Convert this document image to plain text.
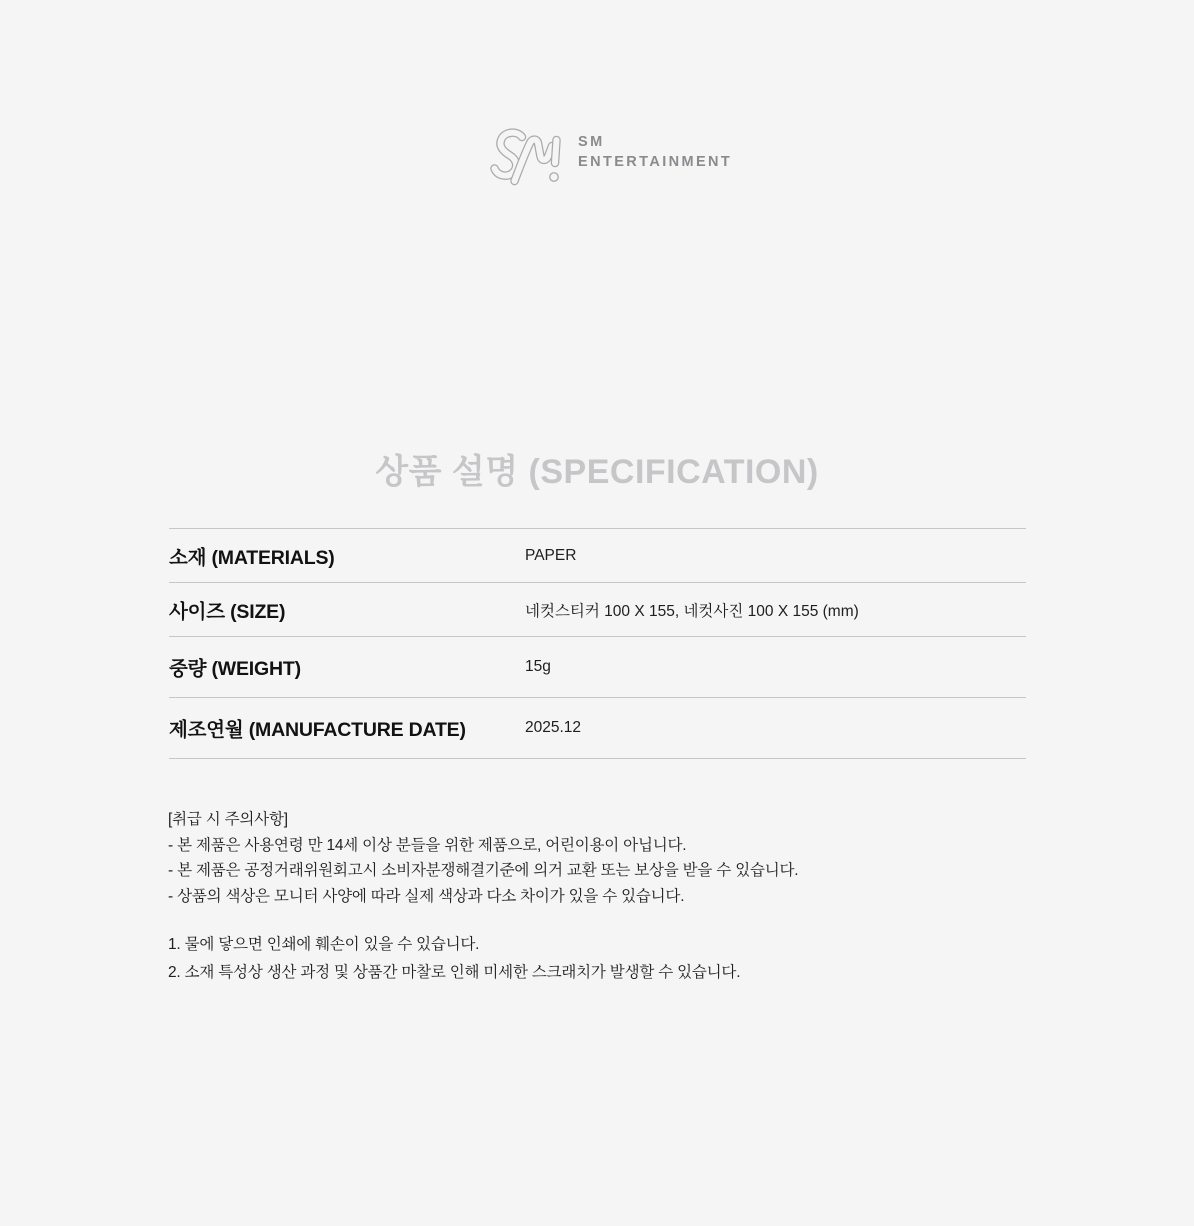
SM
ENTERTAINMENT
상품 설명 (SPECIFICATION)
소재 (MATERIALS)	PAPER
사이즈 (SIZE)	네컷스티커 100 X 155, 네컷사진 100 X 155 (mm)
중량 (WEIGHT)	15g
제조연월 (MANUFACTURE DATE)	2025.12

[취급 시 주의사항]

- 본 제품은 사용연령 만 14세 이상 분들을 위한 제품으로, 어린이용이 아닙니다.

- 본 제품은 공정거래위원회고시 소비자분쟁해결기준에 의거 교환 또는 보상을 받을 수 있습니다.

- 상품의 색상은 모니터 사양에 따라 실제 색상과 다소 차이가 있을 수 있습니다.

1. 물에 닿으면 인쇄에 훼손이 있을 수 있습니다.

2. 소재 특성상 생산 과정 및 상품간 마찰로 인해 미세한 스크래치가 발생할 수 있습니다.
